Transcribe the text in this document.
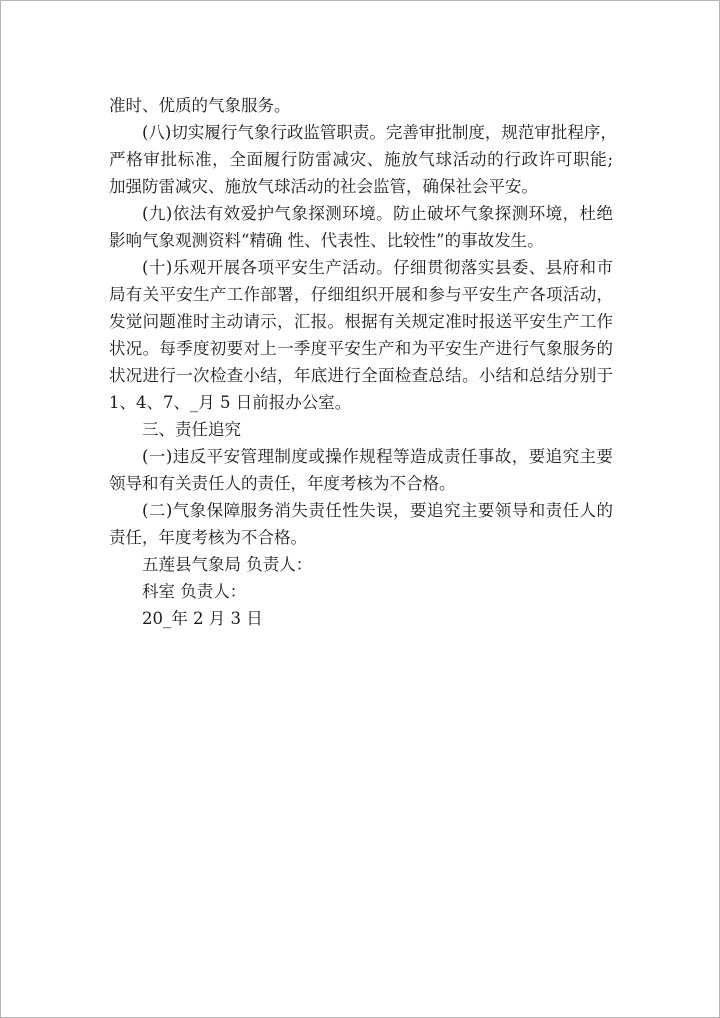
准时、优质的气象服务。
(八)切实履行气象行政监管职责。完善审批制度，规范审批程序，
严格审批标准，全面履行防雷减灾、施放气球活动的行政许可职能;
加强防雷减灾、施放气球活动的社会监管，确保社会平安。
(九)依法有效爱护气象探测环境。防止破坏气象探测环境，杜绝
影响气象观测资料“精确 性、代表性、比较性”的事故发生。
(十)乐观开展各项平安生产活动。仔细贯彻落实县委、县府和市
局有关平安生产工作部署，仔细组织开展和参与平安生产各项活动，
发觉问题准时主动请示，汇报。根据有关规定准时报送平安生产工作
状况。每季度初要对上一季度平安生产和为平安生产进行气象服务的
状况进行一次检查小结，年底进行全面检查总结。小结和总结分别于
1、4、7、_月 5 日前报办公室。
三、责任追究
(一)违反平安管理制度或操作规程等造成责任事故，要追究主要
领导和有关责任人的责任，年度考核为不合格。
(二)气象保障服务消失责任性失误，要追究主要领导和责任人的
责任，年度考核为不合格。
五莲县气象局 负责人：
科室 负责人：
20_年 2 月 3 日
